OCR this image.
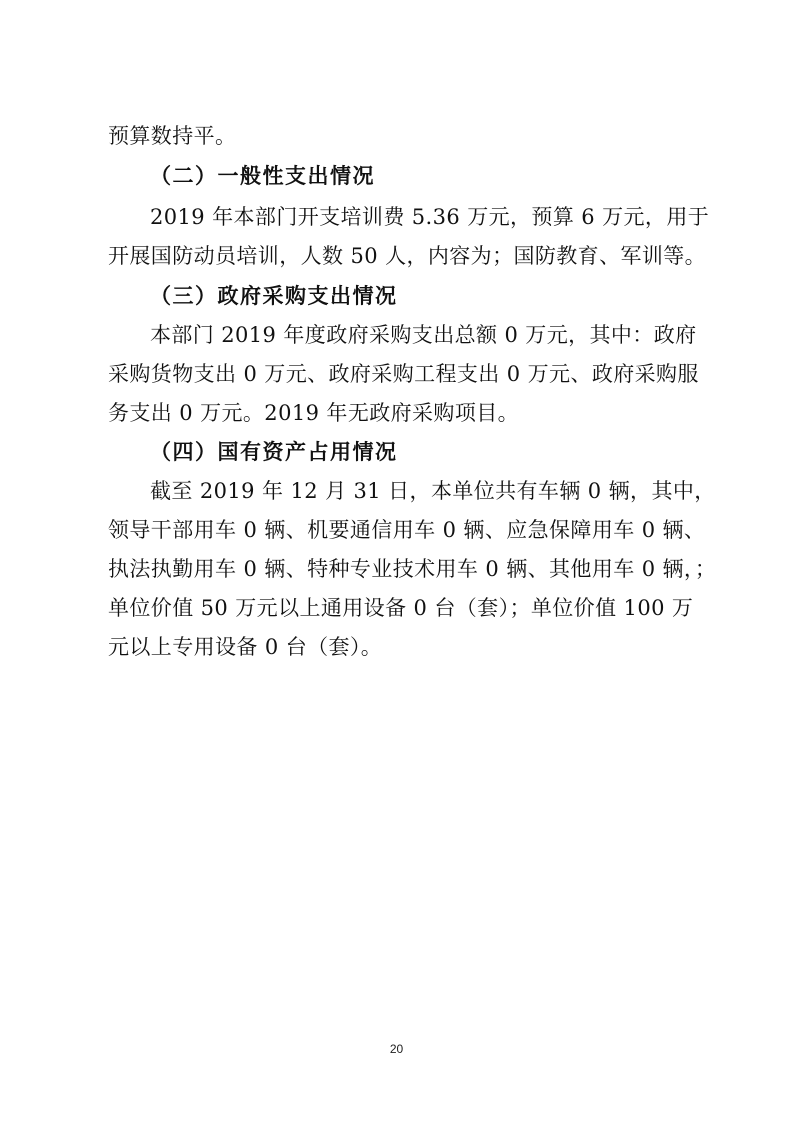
预算数持平。
（二）一般性支出情况
2019 年本部门开支培训费 5.36 万元，预算 6 万元，用于
开展国防动员培训，人数 50 人，内容为；国防教育、军训等。
（三）政府采购支出情况
本部门 2019 年度政府采购支出总额 0 万元，其中：政府
采购货物支出 0 万元、政府采购工程支出 0 万元、政府采购服
务支出 0 万元。2019 年无政府采购项目。
（四）国有资产占用情况
截至 2019 年 12 月 31 日，本单位共有车辆 0 辆，其中，
领导干部用车 0 辆、机要通信用车 0 辆、应急保障用车 0 辆、
执法执勤用车 0 辆、特种专业技术用车 0 辆、其他用车 0 辆，；
单位价值 50 万元以上通用设备 0 台（套）；单位价值 100 万
元以上专用设备 0 台（套）。
20
